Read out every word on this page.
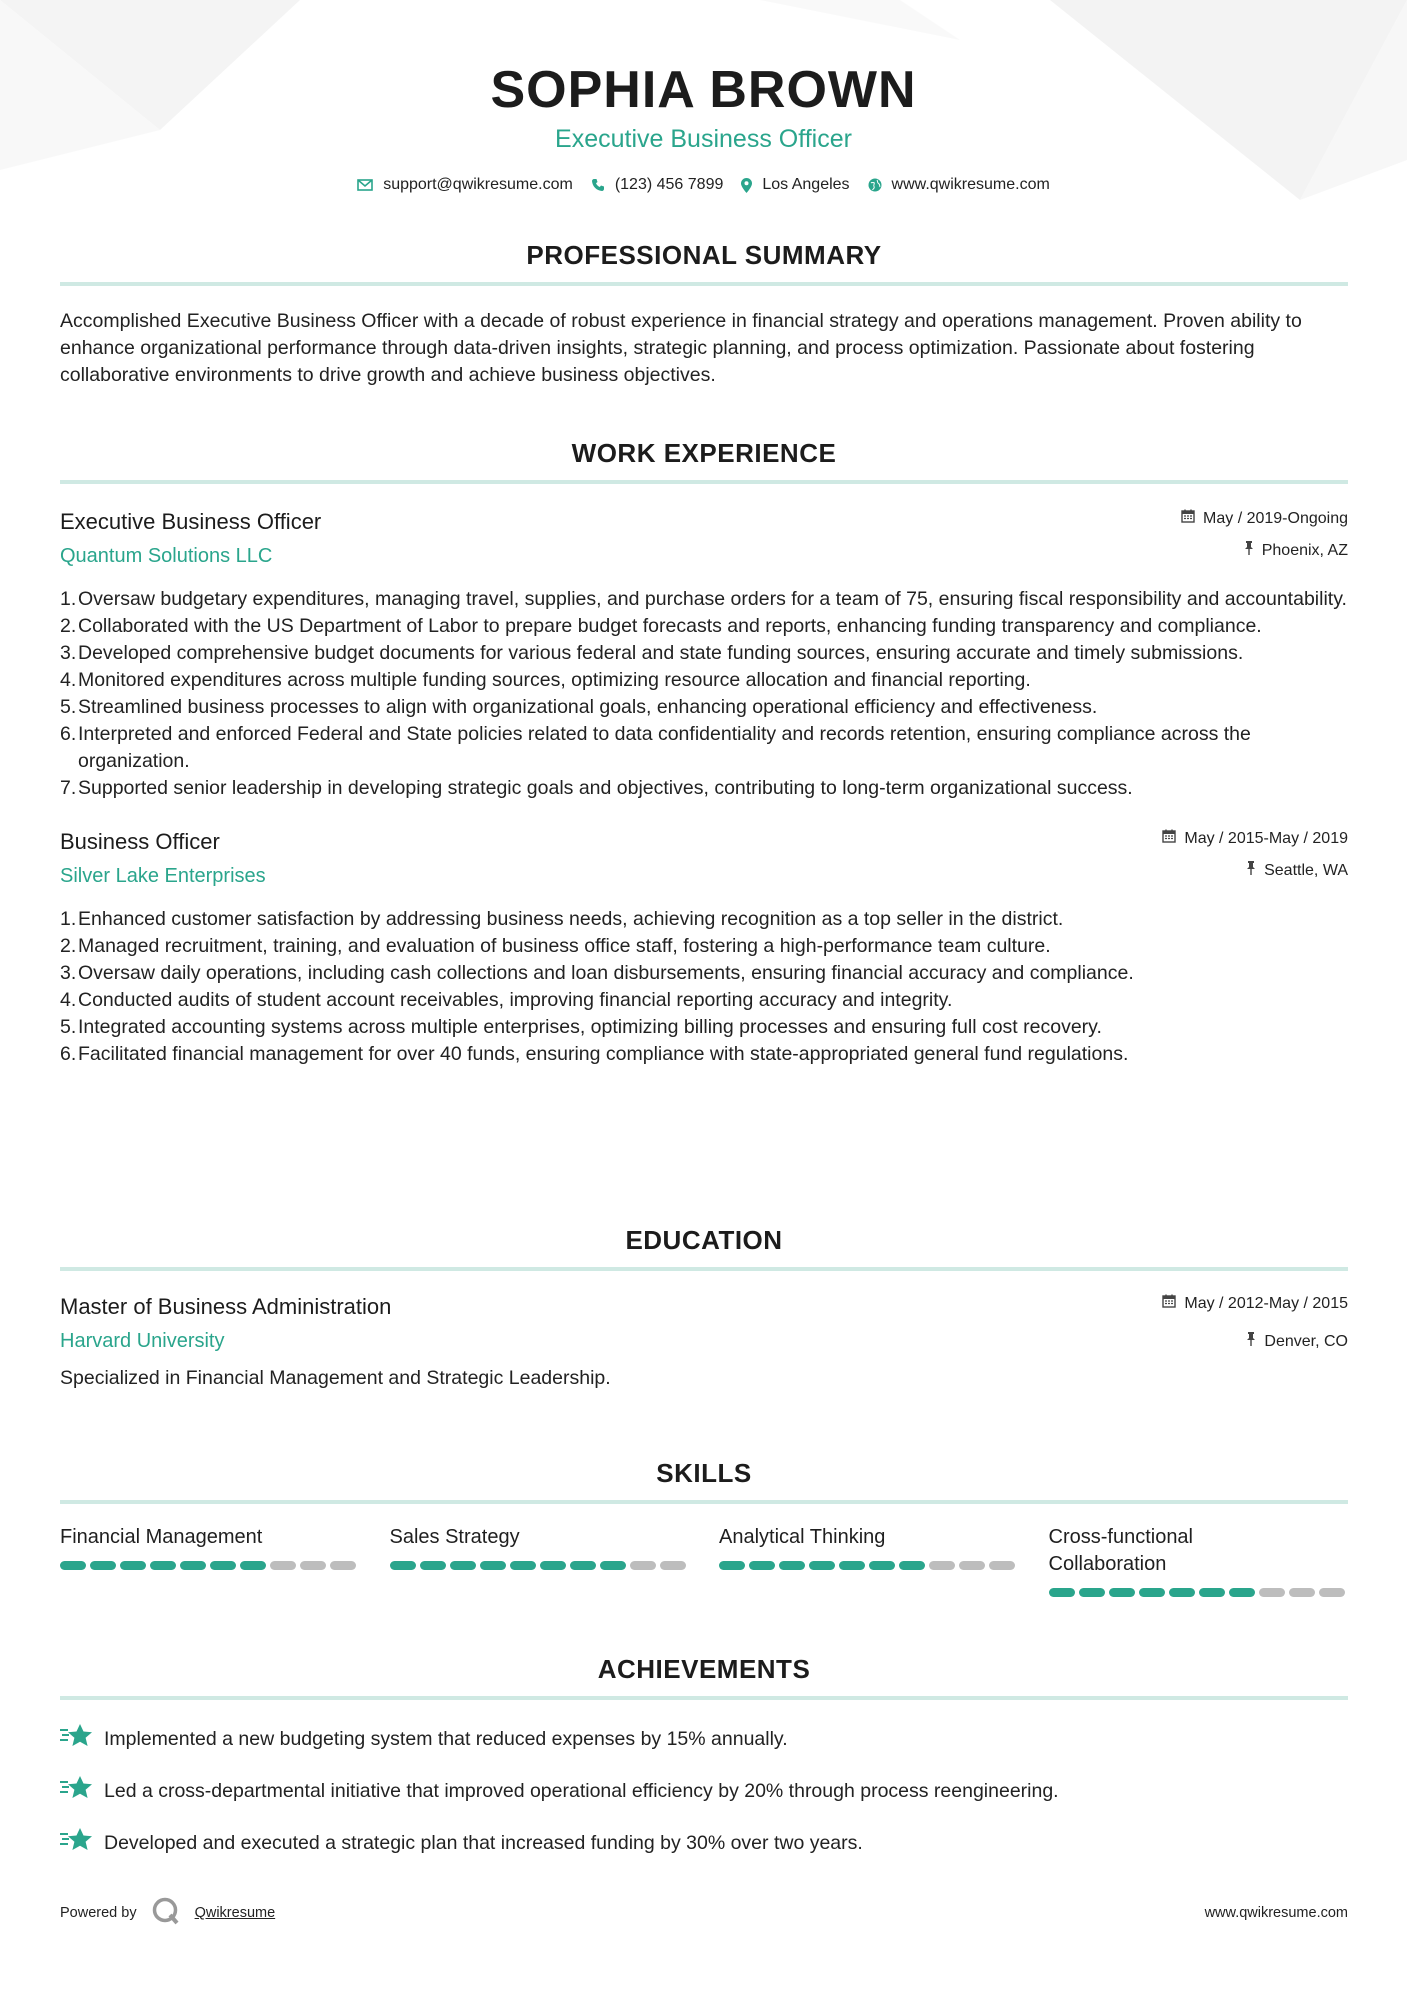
SOPHIA BROWN
Executive Business Officer
support@qwikresume.com	(123) 456 7899 Los Angeles	www.qwikresume.com
PROFESSIONAL SUMMARY
Accomplished Executive Business Officer with a decade of robust experience in financial strategy and operations management. Proven ability to enhance organizational performance through data-driven insights, strategic planning, and process optimization. Passionate about fostering collaborative environments to drive growth and achieve business objectives.
WORK EXPERIENCE
Executive Business Officer
Quantum Solutions LLC
May / 2019-Ongoing
Phoenix, AZ
1. Oversaw budgetary expenditures, managing travel, supplies, and purchase orders for a team of 75, ensuring fiscal responsibility and accountability.
2. Collaborated with the US Department of Labor to prepare budget forecasts and reports, enhancing funding transparency and compliance.
3. Developed comprehensive budget documents for various federal and state funding sources, ensuring accurate and timely submissions.
4. Monitored expenditures across multiple funding sources, optimizing resource allocation and financial reporting.
5. Streamlined business processes to align with organizational goals, enhancing operational efficiency and effectiveness.
6. Interpreted and enforced Federal and State policies related to data confidentiality and records retention, ensuring compliance across the organization.
7. Supported senior leadership in developing strategic goals and objectives, contributing to long-term organizational success.
Business Officer
Silver Lake Enterprises
May / 2015-May / 2019
Seattle, WA
1. Enhanced customer satisfaction by addressing business needs, achieving recognition as a top seller in the district.
2. Managed recruitment, training, and evaluation of business office staff, fostering a high-performance team culture.
3. Oversaw daily operations, including cash collections and loan disbursements, ensuring financial accuracy and compliance.
4. Conducted audits of student account receivables, improving financial reporting accuracy and integrity.
5. Integrated accounting systems across multiple enterprises, optimizing billing processes and ensuring full cost recovery.
6. Facilitated financial management for over 40 funds, ensuring compliance with state-appropriated general fund regulations.
EDUCATION
Master of Business Administration
Harvard University
May / 2012-May / 2015
Denver, CO
Specialized in Financial Management and Strategic Leadership.
SKILLS
Financial Management	Sales Strategy	Analytical Thinking	Cross-functional Collaboration
ACHIEVEMENTS
Implemented a new budgeting system that reduced expenses by 15% annually.
Led a cross-departmental initiative that improved operational efficiency by 20% through process reengineering.
Developed and executed a strategic plan that increased funding by 30% over two years.
Powered by	Qwikresume	www.qwikresume.com
